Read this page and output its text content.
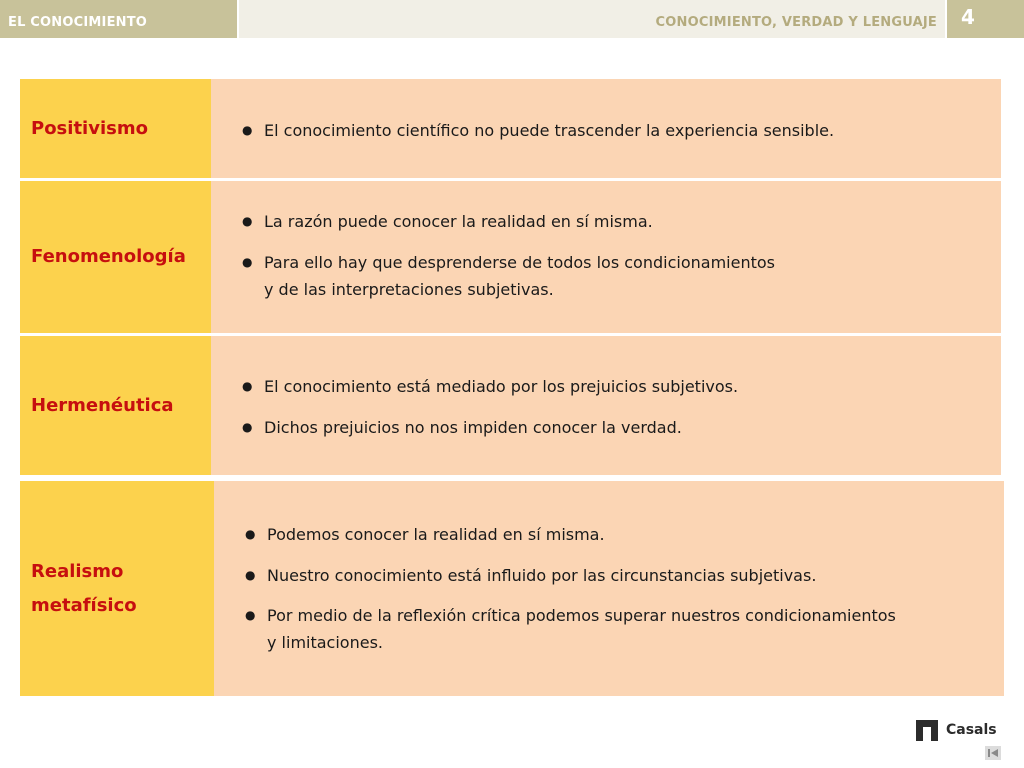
EL CONOCIMIENTO	CONOCIMIENTO, VERDAD Y LENGUAJE	4
Positivismo
●	El conocimiento científico no puede trascender la experiencia sensible.
Fenomenología
● La razón puede conocer la realidad en sí misma.
● Para ello hay que desprenderse de todos los condicionamientos
y de las interpretaciones subjetivas.
Hermenéutica
● El conocimiento está mediado por los prejuicios subjetivos.
● Dichos prejuicios no nos impiden conocer la verdad.
Realismo
metafísico
● Podemos conocer la realidad en sí misma.
● Nuestro conocimiento está influido por las circunstancias subjetivas.
● Por medio de la reflexión crítica podemos superar nuestros condicionamientos
y limitaciones.
Casals
